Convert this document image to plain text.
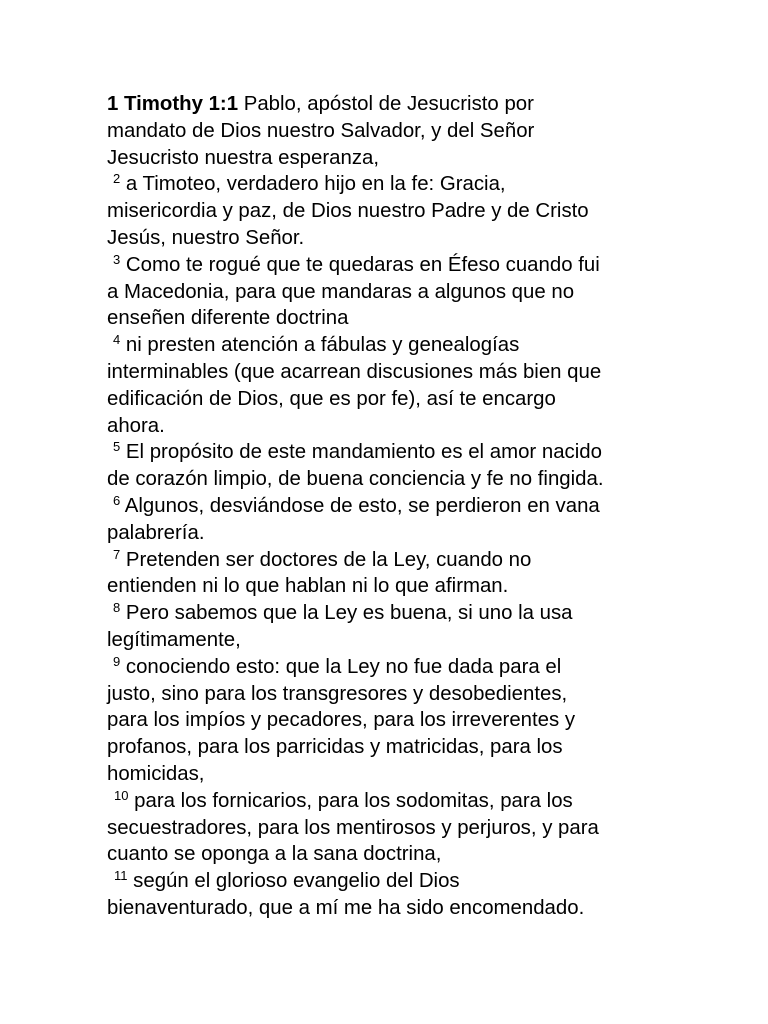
1 Timothy 1:1 Pablo, apóstol de Jesucristo por
mandato de Dios nuestro Salvador, y del Señor
Jesucristo nuestra esperanza,
$^2$ a Timoteo, verdadero hijo en la fe: Gracia,
misericordia y paz, de Dios nuestro Padre y de Cristo
Jesús, nuestro Señor.
$^3$ Como te rogué que te quedaras en Éfeso cuando fui
a Macedonia, para que mandaras a algunos que no
enseñen diferente doctrina
$^4$ ni presten atención a fábulas y genealogías
interminables (que acarrean discusiones más bien que
edificación de Dios, que es por fe), así te encargo
ahora.
$^5$ El propósito de este mandamiento es el amor nacido
de corazón limpio, de buena conciencia y fe no fingida.
$^6$ Algunos, desviándose de esto, se perdieron en vana
palabrería.
$^7$ Pretenden ser doctores de la Ley, cuando no
entienden ni lo que hablan ni lo que afirman.
$^8$ Pero sabemos que la Ley es buena, si uno la usa
legítimamente,
$^9$ conociendo esto: que la Ley no fue dada para el
justo, sino para los transgresores y desobedientes,
para los impíos y pecadores, para los irreverentes y
profanos, para los parricidas y matricidas, para los
homicidas,
$^{10}$ para los fornicarios, para los sodomitas, para los
secuestradores, para los mentirosos y perjuros, y para
cuanto se oponga a la sana doctrina,
$^{11}$ según el glorioso evangelio del Dios
bienaventurado, que a mí me ha sido encomendado.
